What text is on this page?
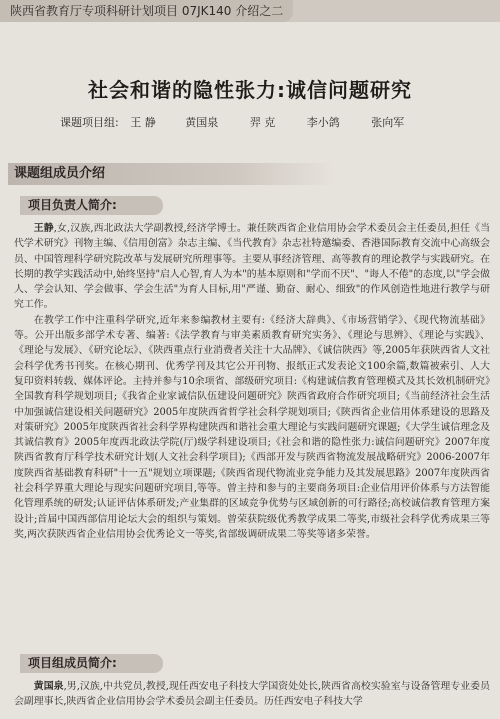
陕西省教育厅专项科研计划项目 07JK140 介绍之二
社会和谐的隐性张力:诚信问题研究
课题项目组: 王 静	黄国泉	羿 克	李小鸽	张向军
课题组成员介绍
项目负责人简介:

王静,女,汉族,西北政法大学副教授,经济学博士。兼任陕西省企业信用协会学术委员会主任委员,担任《当代学术研究》刊物主编、《信用创富》杂志主编、《当代教育》杂志社特邀编委、香港国际教育交流中心高级会员、中国管理科学研究院改革与发展研究所理事等。主要从事经济管理、高等教育的理论教学与实践研究。在长期的教学实践活动中,始终坚持"启人心智,育人为本"的基本原则和"学而不厌"、"诲人不倦"的态度,以"学会做人、学会认知、学会做事、学会生活"为育人目标,用"严谨、勤奋、耐心、细致"的作风创造性地进行教学与研究工作。

在教学工作中注重科学研究,近年来参编教材主要有:《经济大辞典》、《市场营销学》、《现代物流基础》等。公开出版多部学术专著、编著:《法学教育与审美素质教育研究实务》、《理论与思辨》、《理论与实践》、《理论与发展》、《研究论坛》、《陕西重点行业消费者关注十大品牌》、《诚信陕西》等,2005年获陕西省人文社会科学优秀书刊奖。在核心期刊、优秀学刊及其它公开刊物、报纸正式发表论文100余篇,数篇被索引、人大复印资料转载、媒体评论。主持并参与10余项省、部级研究项目:《构建诚信教育管理模式及其长效机制研究》全国教育科学规划项目;《我省企业家诚信队伍建设问题研究》陕西省政府合作研究项目;《当前经济社会生活中加强诚信建设相关问题研究》2005年度陕西省哲学社会科学规划项目;《陕西省企业信用体系建设的思路及对策研究》2005年度陕西省社会科学界构建陕西和谐社会重大理论与实践问题研究课题;《大学生诚信理念及其诚信教育》2005年度西北政法学院(厅)级学科建设项目;《社会和谐的隐性张力:诚信问题研究》2007年度陕西省教育厅科学技术研究计划(人文社会科学项目);《西部开发与陕西省物流发展战略研究》2006-2007年度陕西省基础教育科研"十一五"规划立项课题;《陕西省现代物流业竞争能力及其发展思路》2007年度陕西省社会科学界重大理论与现实问题研究项目,等等。曾主持和参与的主要商务项目:企业信用评价体系与方法智能化管理系统的研发;认证评估体系研发;产业集群的区域竞争优势与区域创新的可行路径;高校诚信教育管理方案设计;首届中国西部信用论坛大会的组织与策划。曾荣获院级优秀教学成果二等奖,市级社会科学优秀成果三等奖,两次获陕西省企业信用协会优秀论文一等奖,省部级调研成果二等奖等诸多荣誉。

项目组成员简介:

黄国泉,男,汉族,中共党员,教授,现任西安电子科技大学国资处处长,陕西省高校实验室与设备管理专业委员会副理事长,陕西省企业信用协会学术委员会副主任委员。历任西安电子科技大学
